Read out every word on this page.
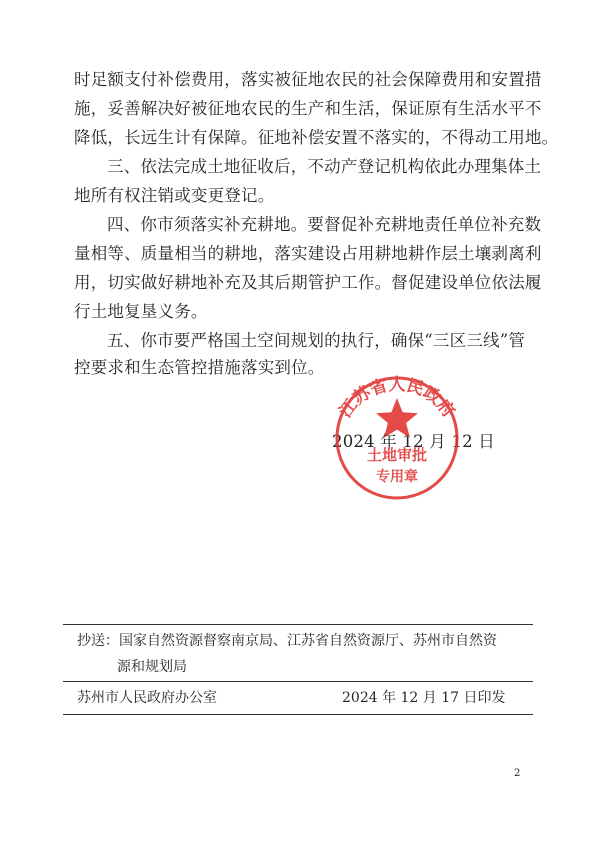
时足额支付补偿费用，落实被征地农民的社会保障费用和安置措
施，妥善解决好被征地农民的生产和生活，保证原有生活水平不
降低，长远生计有保障。征地补偿安置不落实的，不得动工用地。
三、依法完成土地征收后，不动产登记机构依此办理集体土
地所有权注销或变更登记。
四、你市须落实补充耕地。要督促补充耕地责任单位补充数
量相等、质量相当的耕地，落实建设占用耕地耕作层土壤剥离利
用，切实做好耕地补充及其后期管护工作。督促建设单位依法履
行土地复垦义务。
五、你市要严格国土空间规划的执行，确保“三区三线”管
控要求和生态管控措施落实到位。
2024 年 12 月 12 日
江苏省人民政府
土地审批
专用章
抄送： 国家自然资源督察南京局、江苏省自然资源厅、苏州市自然资
源和规划局
苏州市人民政府办公室	2024 年 12 月 17 日印发
2
